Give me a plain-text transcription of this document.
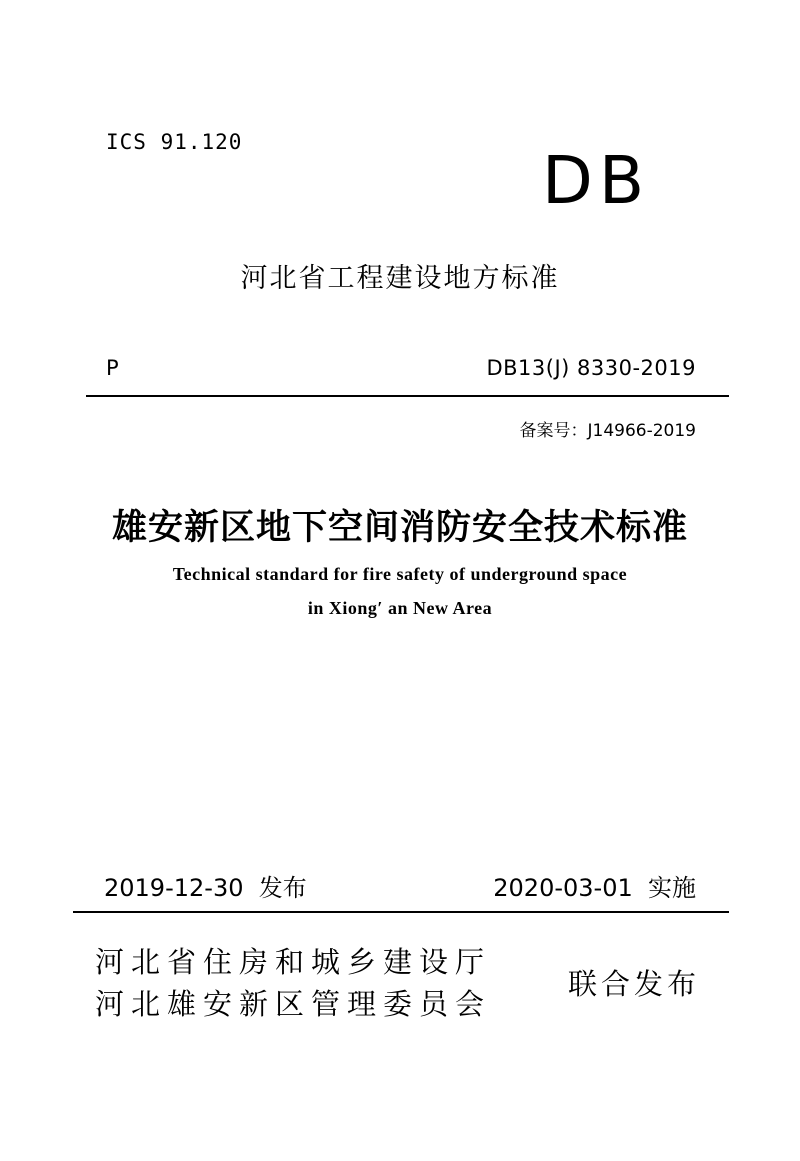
ICS 91.120	DB
河北省工程建设地方标准
P	DB13(J) 8330-2019
备案号：J14966-2019
雄安新区地下空间消防安全技术标准
Technical standard for fire safety of underground space
in Xiong′ an New Area
2019-12-30  发布	2020-03-01  实施
河北省住房和城乡建设厅
河北雄安新区管理委员会
联合发布
